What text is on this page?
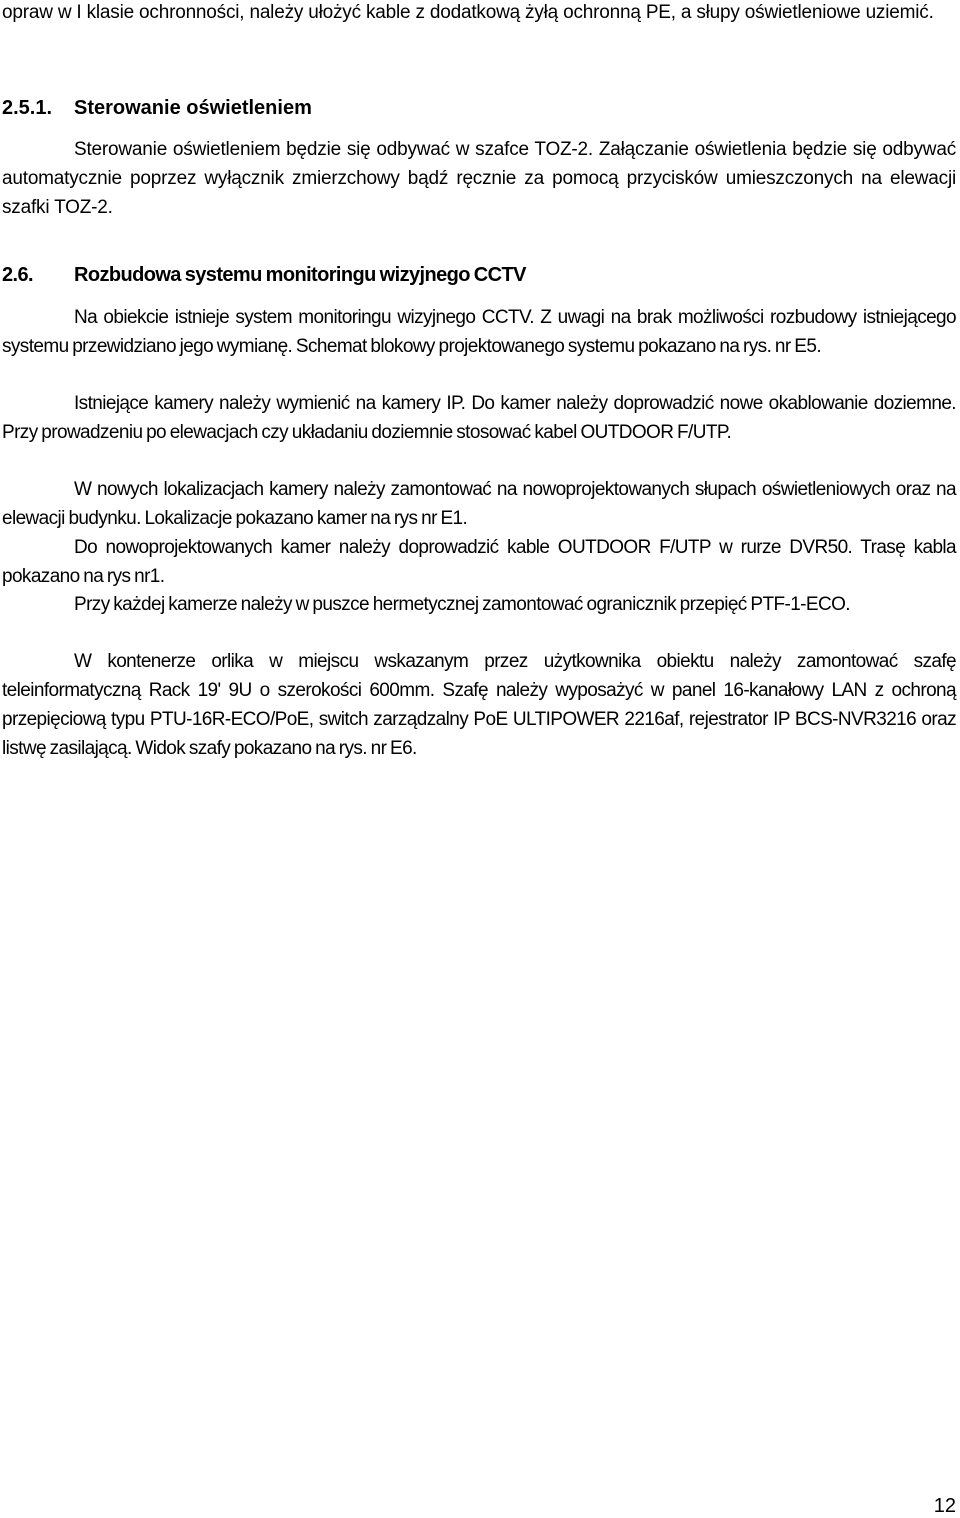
opraw w I klasie ochronności, należy ułożyć kable z dodatkową żyłą ochronną PE, a słupy oświetleniowe uziemić.

2.5.1. Sterowanie oświetleniem

Sterowanie oświetleniem będzie się odbywać w szafce TOZ-2. Załączanie oświetlenia będzie się odbywać automatycznie poprzez wyłącznik zmierzchowy bądź ręcznie za pomocą przycisków umieszczonych na elewacji szafki TOZ-2.

2.6. Rozbudowa systemu monitoringu wizyjnego CCTV

Na obiekcie istnieje system monitoringu wizyjnego CCTV. Z uwagi na brak możliwości rozbudowy istniejącego systemu przewidziano jego wymianę. Schemat blokowy projektowanego systemu pokazano na rys. nr E5.

Istniejące kamery należy wymienić na kamery IP. Do kamer należy doprowadzić nowe okablowanie doziemne. Przy prowadzeniu po elewacjach czy układaniu doziemnie stosować kabel OUTDOOR F/UTP.

W nowych lokalizacjach kamery należy zamontować na nowoprojektowanych słupach oświetleniowych oraz na elewacji budynku. Lokalizacje pokazano kamer na rys nr E1.

Do nowoprojektowanych kamer należy doprowadzić kable OUTDOOR F/UTP w rurze DVR50. Trasę kabla pokazano na rys nr1.

Przy każdej kamerze należy w puszce hermetycznej zamontować ogranicznik przepięć PTF-1-ECO.

W kontenerze orlika w miejscu wskazanym przez użytkownika obiektu należy zamontować szafę teleinformatyczną Rack 19' 9U o szerokości 600mm. Szafę należy wyposażyć w panel 16-kanałowy LAN z ochroną przepięciową typu PTU-16R-ECO/PoE, switch zarządzalny PoE ULTIPOWER 2216af, rejestrator IP BCS-NVR3216 oraz listwę zasilającą. Widok szafy pokazano na rys. nr E6.

12
